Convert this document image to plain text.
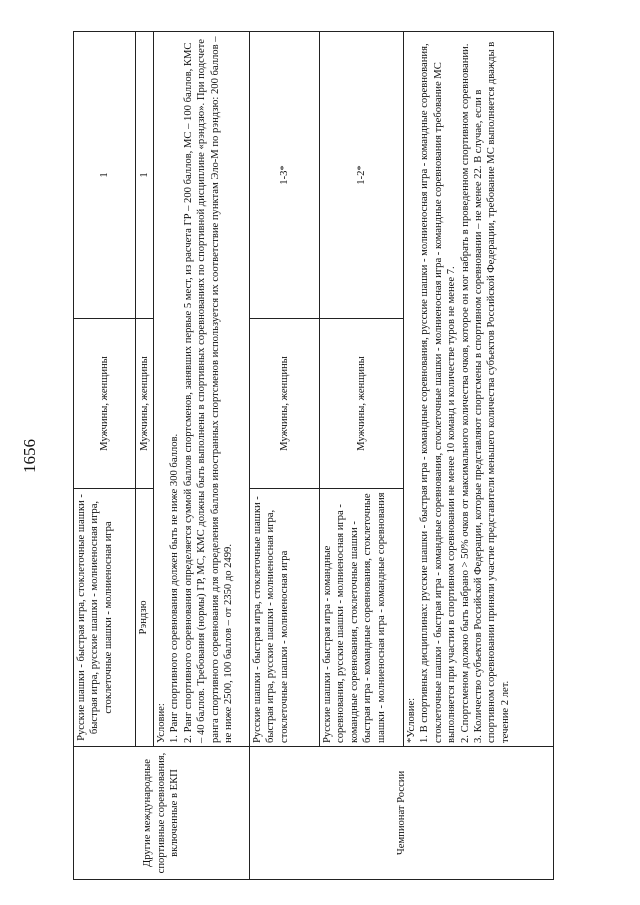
1656
Другие международные спортивные соревнования, включенные в ЕКП	Русские шашки - быстрая игра, стоклеточные шашки - быстрая игра, русские шашки - молниеносная игра, стоклеточные шашки - молниеносная игра	Мужчины, женщины	1
	Рэндзю	Мужчины, женщины	1

	Условие: 1. Ранг спортивного соревнования должен быть не ниже 300 баллов. 2. Ранг спортивного соревнования определяется суммой баллов спортсменов, занявших первые 5 мест, из расчета ГР – 200 баллов, МС – 100 баллов, КМС – 40 баллов. Требования (нормы) ГР, МС, КМС должны быть выполнены в спортивных соревнованиях по спортивной дисциплине «рэндзю». При подсчете ранга спортивного соревнования для определения баллов иностранных спортсменов используется их соответствие пунктам Эло-М по рэндзю: 200 баллов – не ниже 2500, 100 баллов – от 2350 до 2499.		

Чемпионат России	Русские шашки - быстрая игра, стоклеточные шашки - быстрая игра, русские шашки - молниеносная игра, стоклеточные шашки - молниеносная игра	Мужчины, женщины	1-3*
	Русские шашки - быстрая игра - командные соревнования, русские шашки - молниеносная игра - командные соревнования, стоклеточные шашки - быстрая игра - командные соревнования, стоклеточные шашки - молниеносная игра - командные соревнования	Мужчины, женщины	1-2*

	*Условие: 1. В спортивных дисциплинах: русские шашки - быстрая игра - командные соревнования, русские шашки - молниеносная игра - командные соревнования, стоклеточные шашки - быстрая игра - командные соревнования, стоклеточные шашки - молниеносная игра - командные соревнования требование МС выполняется при участии в спортивном соревновании не менее 10 команд и количестве туров не менее 7. 2. Спортсменом должно быть набрано > 50% очков от максимального количества очков, которое он мог набрать в проведенном спортивном соревновании. 3. Количество субъектов Российской Федерации, которые представляют спортсмены в спортивном соревновании – не менее 22. В случае, если в спортивном соревновании приняли участие представители меньшего количества субъектов Российской Федерации, требование МС выполняется дважды в течение 2 лет.		
